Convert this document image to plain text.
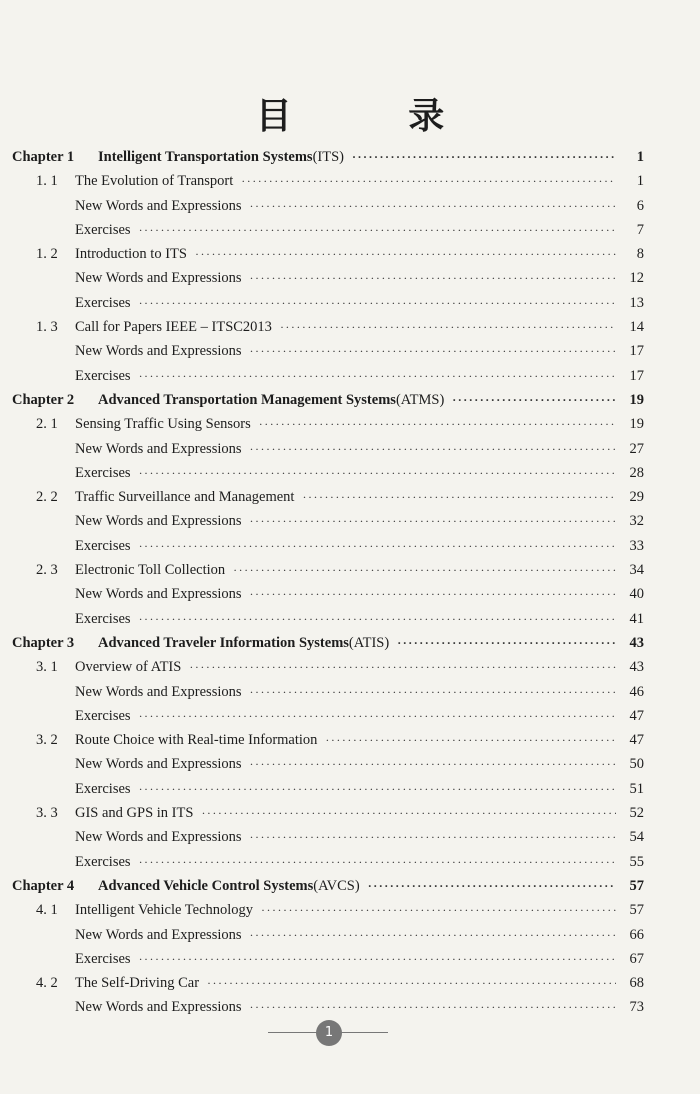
目 录
Chapter 1	Intelligent Transportation Systems(ITS) ·····	1
1. 1	The Evolution of Transport ·····	1
New Words and Expressions ·····	6
Exercises ·····	7
1. 2	Introduction to ITS ·····	8
New Words and Expressions ·····	12
Exercises ·····	13
1. 3	Call for Papers IEEE – ITSC2013 ·····	14
New Words and Expressions ·····	17
Exercises ·····	17
Chapter 2	Advanced Transportation Management Systems(ATMS) ·····	19
2. 1	Sensing Traffic Using Sensors ·····	19
New Words and Expressions ·····	27
Exercises ·····	28
2. 2	Traffic Surveillance and Management ·····	29
New Words and Expressions ·····	32
Exercises ·····	33
2. 3	Electronic Toll Collection ·····	34
New Words and Expressions ·····	40
Exercises ·····	41
Chapter 3	Advanced Traveler Information Systems(ATIS) ·····	43
3. 1	Overview of ATIS ·····	43
New Words and Expressions ·····	46
Exercises ·····	47
3. 2	Route Choice with Real-time Information ·····	47
New Words and Expressions ·····	50
Exercises ·····	51
3. 3	GIS and GPS in ITS ·····	52
New Words and Expressions ·····	54
Exercises ·····	55
Chapter 4	Advanced Vehicle Control Systems(AVCS) ·····	57
4. 1	Intelligent Vehicle Technology ·····	57
New Words and Expressions ·····	66
Exercises ·····	67
4. 2	The Self-Driving Car ·····	68
New Words and Expressions ·····	73
1
